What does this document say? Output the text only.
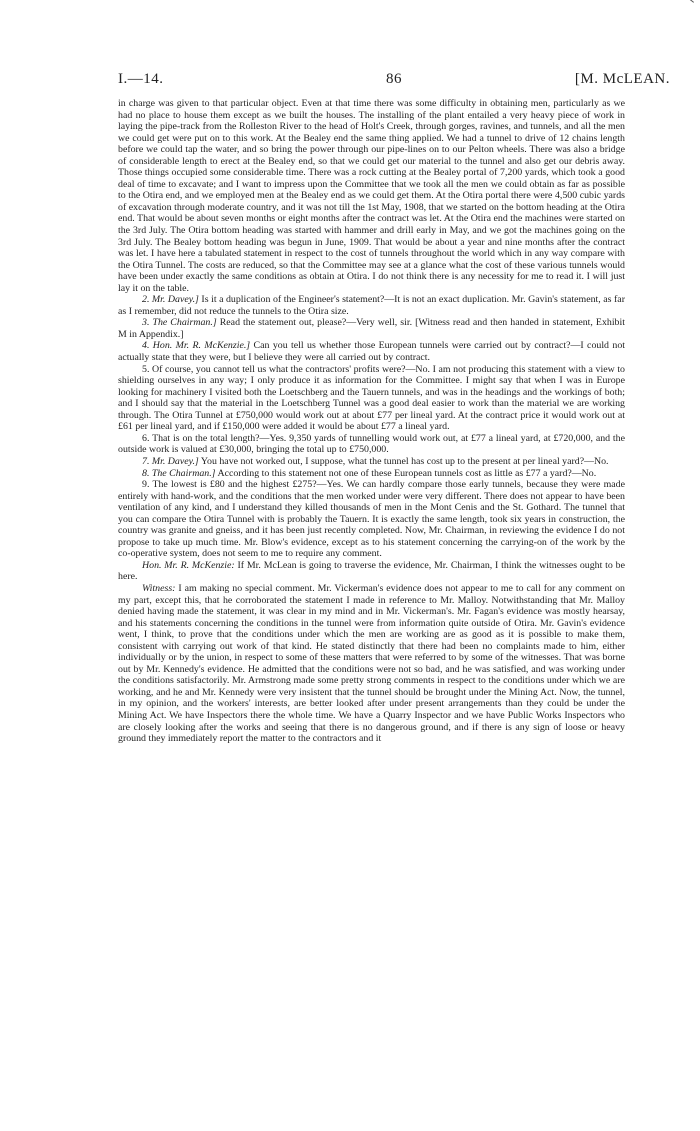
I.—14.	86	[M. McLEAN.

in charge was given to that particular object. Even at that time there was some difficulty in obtaining men, particularly as we had no place to house them except as we built the houses. The installing of the plant entailed a very heavy piece of work in laying the pipe-track from the Rolleston River to the head of Holt's Creek, through gorges, ravines, and tunnels, and all the men we could get were put on to this work. At the Bealey end the same thing applied. We had a tunnel to drive of 12 chains length before we could tap the water, and so bring the power through our pipe-lines on to our Pelton wheels. There was also a bridge of considerable length to erect at the Bealey end, so that we could get our material to the tunnel and also get our debris away. Those things occupied some considerable time. There was a rock cutting at the Bealey portal of 7,200 yards, which took a good deal of time to excavate; and I want to impress upon the Committee that we took all the men we could obtain as far as possible to the Otira end, and we employed men at the Bealey end as we could get them. At the Otira portal there were 4,500 cubic yards of excavation through moderate country, and it was not till the 1st May, 1908, that we started on the bottom heading at the Otira end. That would be about seven months or eight months after the contract was let. At the Otira end the machines were started on the 3rd July. The Otira bottom heading was started with hammer and drill early in May, and we got the machines going on the 3rd July. The Bealey bottom heading was begun in June, 1909. That would be about a year and nine months after the contract was let. I have here a tabulated statement in respect to the cost of tunnels throughout the world which in any way compare with the Otira Tunnel. The costs are reduced, so that the Committee may see at a glance what the cost of these various tunnels would have been under exactly the same conditions as obtain at Otira. I do not think there is any necessity for me to read it. I will just lay it on the table.

2. Mr. Davey.] Is it a duplication of the Engineer's statement?—It is not an exact duplication. Mr. Gavin's statement, as far as I remember, did not reduce the tunnels to the Otira size.

3. The Chairman.] Read the statement out, please?—Very well, sir. [Witness read and then handed in statement, Exhibit M in Appendix.]

4. Hon. Mr. R. McKenzie.] Can you tell us whether those European tunnels were carried out by contract?—I could not actually state that they were, but I believe they were all carried out by contract.

5. Of course, you cannot tell us what the contractors' profits were?—No. I am not producing this statement with a view to shielding ourselves in any way; I only produce it as information for the Committee. I might say that when I was in Europe looking for machinery I visited both the Loetschberg and the Tauern tunnels, and was in the headings and the workings of both; and I should say that the material in the Loetschberg Tunnel was a good deal easier to work than the material we are working through. The Otira Tunnel at £750,000 would work out at about £77 per lineal yard. At the contract price it would work out at £61 per lineal yard, and if £150,000 were added it would be about £77 a lineal yard.

6. That is on the total length?—Yes. 9,350 yards of tunnelling would work out, at £77 a lineal yard, at £720,000, and the outside work is valued at £30,000, bringing the total up to £750,000.

7. Mr. Davey.] You have not worked out, I suppose, what the tunnel has cost up to the present at per lineal yard?—No.

8. The Chairman.] According to this statement not one of these European tunnels cost as little as £77 a yard?—No.

9. The lowest is £80 and the highest £275?—Yes. We can hardly compare those early tunnels, because they were made entirely with hand-work, and the conditions that the men worked under were very different. There does not appear to have been ventilation of any kind, and I understand they killed thousands of men in the Mont Cenis and the St. Gothard. The tunnel that you can compare the Otira Tunnel with is probably the Tauern. It is exactly the same length, took six years in construction, the country was granite and gneiss, and it has been just recently completed. Now, Mr. Chairman, in reviewing the evidence I do not propose to take up much time. Mr. Blow's evidence, except as to his statement concerning the carrying-on of the work by the co-operative system, does not seem to me to require any comment.

Hon. Mr. R. McKenzie: If Mr. McLean is going to traverse the evidence, Mr. Chairman, I think the witnesses ought to be here.

Witness: I am making no special comment. Mr. Vickerman's evidence does not appear to me to call for any comment on my part, except this, that he corroborated the statement I made in reference to Mr. Malloy. Notwithstanding that Mr. Malloy denied having made the statement, it was clear in my mind and in Mr. Vickerman's. Mr. Fagan's evidence was mostly hearsay, and his statements concerning the conditions in the tunnel were from information quite outside of Otira. Mr. Gavin's evidence went, I think, to prove that the conditions under which the men are working are as good as it is possible to make them, consistent with carrying out work of that kind. He stated distinctly that there had been no complaints made to him, either individually or by the union, in respect to some of these matters that were referred to by some of the witnesses. That was borne out by Mr. Kennedy's evidence. He admitted that the conditions were not so bad, and he was satisfied, and was working under the conditions satisfactorily. Mr. Armstrong made some pretty strong comments in respect to the conditions under which we are working, and he and Mr. Kennedy were very insistent that the tunnel should be brought under the Mining Act. Now, the tunnel, in my opinion, and the workers' interests, are better looked after under present arrangements than they could be under the Mining Act. We have Inspectors there the whole time. We have a Quarry Inspector and we have Public Works Inspectors who are closely looking after the works and seeing that there is no dangerous ground, and if there is any sign of loose or heavy ground they immediately report the matter to the contractors and it
